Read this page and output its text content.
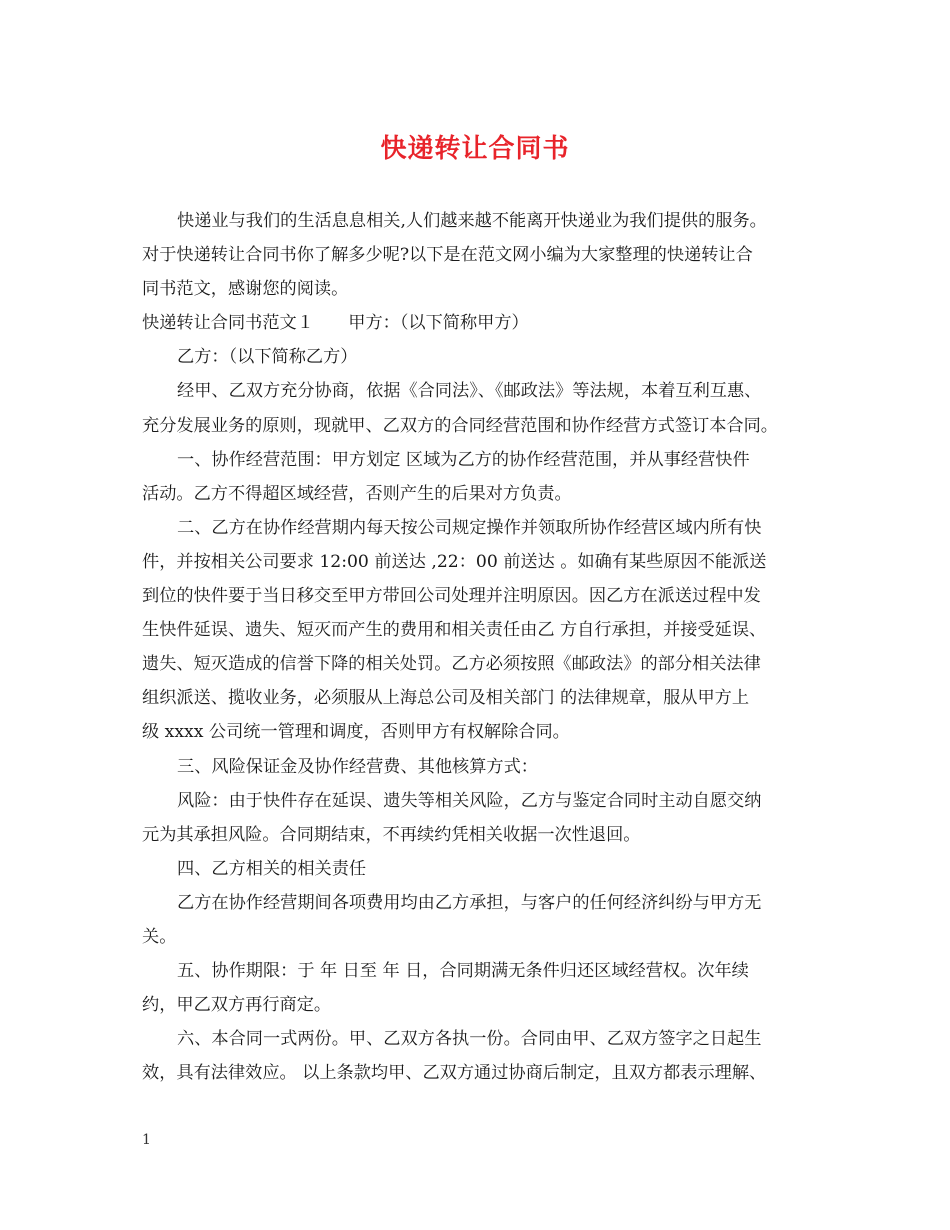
快递转让合同书
快递业与我们的生活息息相关,人们越来越不能离开快递业为我们提供的服务。
对于快递转让合同书你了解多少呢?以下是在范文网小编为大家整理的快递转让合
同书范文，感谢您的阅读。
快递转让合同书范文１　　甲方：（以下简称甲方）
乙方：（以下简称乙方）
经甲、乙双方充分协商，依据《合同法》、《邮政法》等法规，本着互利互惠、
充分发展业务的原则，现就甲、乙双方的合同经营范围和协作经营方式签订本合同。
一、协作经营范围：甲方划定 区域为乙方的协作经营范围，并从事经营快件
活动。乙方不得超区域经营，否则产生的后果对方负责。
二、乙方在协作经营期内每天按公司规定操作并领取所协作经营区域内所有快
件，并按相关公司要求 12:00 前送达 ,22：00 前送达 。如确有某些原因不能派送
到位的快件要于当日移交至甲方带回公司处理并注明原因。因乙方在派送过程中发
生快件延误、遗失、短灭而产生的费用和相关责任由乙 方自行承担，并接受延误、
遗失、短灭造成的信誉下降的相关处罚。乙方必须按照《邮政法》的部分相关法律
组织派送、揽收业务，必须服从上海总公司及相关部门 的法律规章，服从甲方上
级 xxxx 公司统一管理和调度，否则甲方有权解除合同。
三、风险保证金及协作经营费、其他核算方式：
风险：由于快件存在延误、遗失等相关风险，乙方与鉴定合同时主动自愿交纳
元为其承担风险。合同期结束，不再续约凭相关收据一次性退回。
四、乙方相关的相关责任
乙方在协作经营期间各项费用均由乙方承担，与客户的任何经济纠纷与甲方无
关。
五、协作期限：于 年 日至 年 日，合同期满无条件归还区域经营权。次年续
约，甲乙双方再行商定。
六、本合同一式两份。甲、乙双方各执一份。合同由甲、乙双方签字之日起生
效，具有法律效应。 以上条款均甲、乙双方通过协商后制定，且双方都表示理解、
1
